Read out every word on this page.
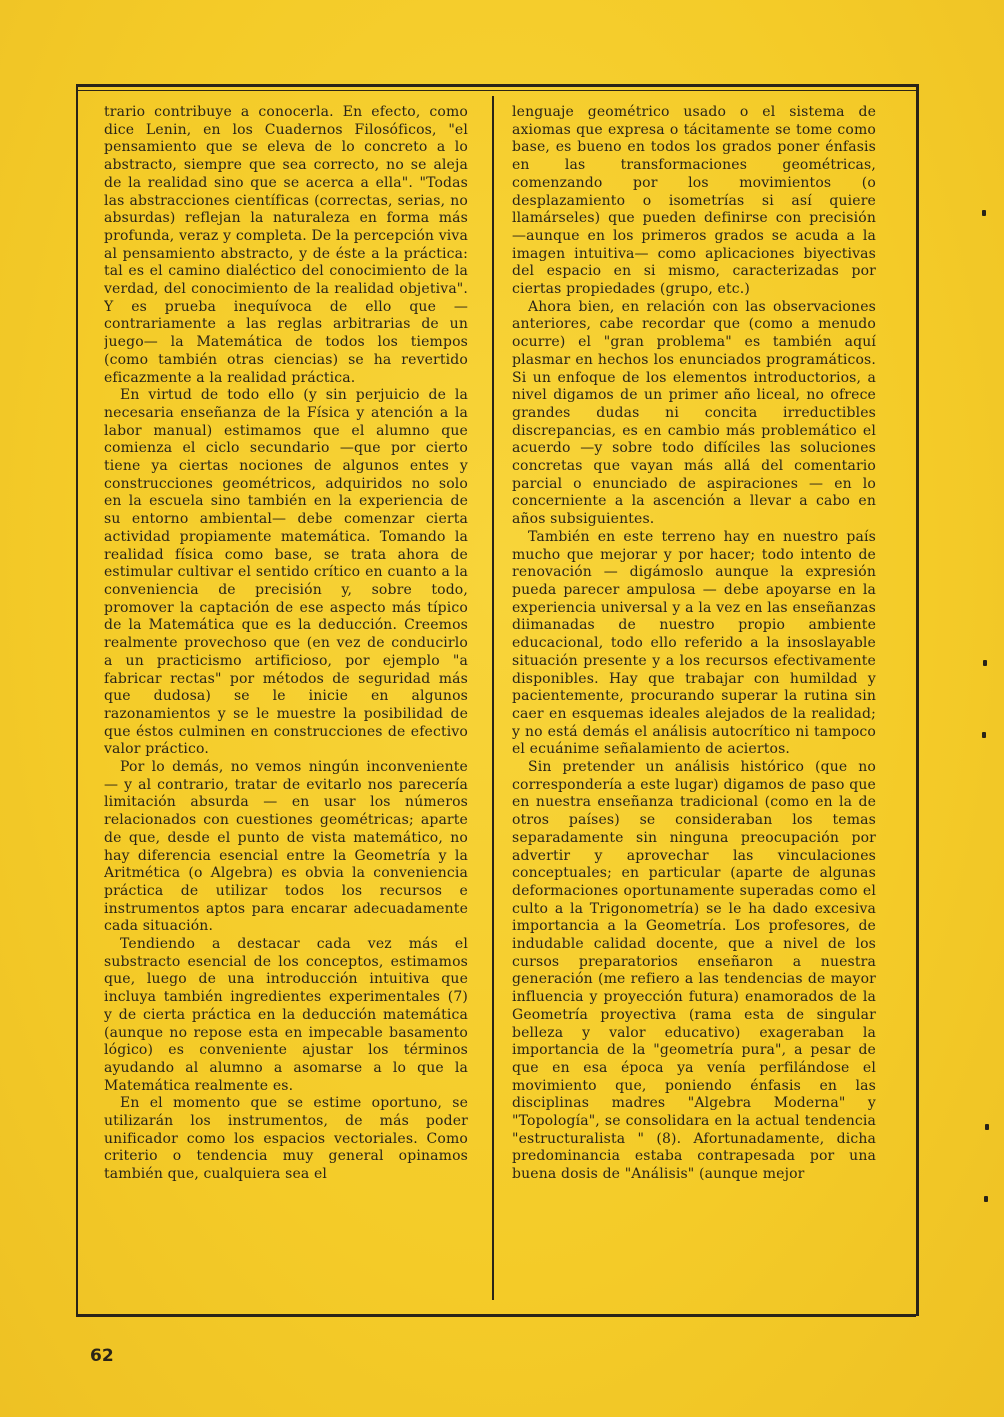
trario contribuye a conocerla. En efecto, como dice Lenin, en los Cuadernos Filosóficos, "el pensamiento que se eleva de lo concreto a lo abstracto, siempre que sea correcto, no se aleja de la realidad sino que se acerca a ella". "Todas las abstracciones científicas (correctas, serias, no absurdas) reflejan la naturaleza en forma más profunda, veraz y completa. De la percepción viva al pensamiento abstracto, y de éste a la práctica: tal es el camino dialéctico del conocimiento de la verdad, del conocimiento de la realidad objetiva". Y es prueba inequívoca de ello que —contrariamente a las reglas arbitrarias de un juego— la Matemática de todos los tiempos (como también otras ciencias) se ha revertido eficazmente a la realidad práctica.

En virtud de todo ello (y sin perjuicio de la necesaria enseñanza de la Física y atención a la labor manual) estimamos que el alumno que comienza el ciclo secundario —que por cierto tiene ya ciertas nociones de algunos entes y construcciones geométricos, adquiridos no solo en la escuela sino también en la experiencia de su entorno ambiental— debe comenzar cierta actividad propiamente matemática. Tomando la realidad física como base, se trata ahora de estimular cultivar el sentido crítico en cuanto a la conveniencia de precisión y, sobre todo, promover la captación de ese aspecto más típico de la Matemática que es la deducción. Creemos realmente provechoso que (en vez de conducirlo a un practicismo artificioso, por ejemplo "a fabricar rectas" por métodos de seguridad más que dudosa) se le inicie en algunos razonamientos y se le muestre la posibilidad de que éstos culminen en construcciones de efectivo valor práctico.

Por lo demás, no vemos ningún inconveniente — y al contrario, tratar de evitarlo nos parecería limitación absurda — en usar los números relacionados con cuestiones geométricas; aparte de que, desde el punto de vista matemático, no hay diferencia esencial entre la Geometría y la Aritmética (o Algebra) es obvia la conveniencia práctica de utilizar todos los recursos e instrumentos aptos para encarar adecuadamente cada situación.

Tendiendo a destacar cada vez más el substracto esencial de los conceptos, estimamos que, luego de una introducción intuitiva que incluya también ingredientes experimentales (7) y de cierta práctica en la deducción matemática (aunque no repose esta en impecable basamento lógico) es conveniente ajustar los términos ayudando al alumno a asomarse a lo que la Matemática realmente es.

En el momento que se estime oportuno, se utilizarán los instrumentos, de más poder unificador como los espacios vectoriales. Como criterio o tendencia muy general opinamos también que, cualquiera sea el

lenguaje geométrico usado o el sistema de axiomas que expresa o tácitamente se tome como base, es bueno en todos los grados poner énfasis en las transformaciones geométricas, comenzando por los movimientos (o desplazamiento o isometrías si así quiere llamárseles) que pueden definirse con precisión —aunque en los primeros grados se acuda a la imagen intuitiva— como aplicaciones biyectivas del espacio en si mismo, caracterizadas por ciertas propiedades (grupo, etc.)

Ahora bien, en relación con las observaciones anteriores, cabe recordar que (como a menudo ocurre) el "gran problema" es también aquí plasmar en hechos los enunciados programáticos. Si un enfoque de los elementos introductorios, a nivel digamos de un primer año liceal, no ofrece grandes dudas ni concita irreductibles discrepancias, es en cambio más problemático el acuerdo —y sobre todo difíciles las soluciones concretas que vayan más allá del comentario parcial o enunciado de aspiraciones — en lo concerniente a la ascención a llevar a cabo en años subsiguientes.

También en este terreno hay en nuestro país mucho que mejorar y por hacer; todo intento de renovación — digámoslo aunque la expresión pueda parecer ampulosa — debe apoyarse en la experiencia universal y a la vez en las enseñanzas diimanadas de nuestro propio ambiente educacional, todo ello referido a la insoslayable situación presente y a los recursos efectivamente disponibles. Hay que trabajar con humildad y pacientemente, procurando superar la rutina sin caer en esquemas ideales alejados de la realidad; y no está demás el análisis autocrítico ni tampoco el ecuánime señalamiento de aciertos.

Sin pretender un análisis histórico (que no correspondería a este lugar) digamos de paso que en nuestra enseñanza tradicional (como en la de otros países) se consideraban los temas separadamente sin ninguna preocupación por advertir y aprovechar las vinculaciones conceptuales; en particular (aparte de algunas deformaciones oportunamente superadas como el culto a la Trigonometría) se le ha dado excesiva importancia a la Geometría. Los profesores, de indudable calidad docente, que a nivel de los cursos preparatorios enseñaron a nuestra generación (me refiero a las tendencias de mayor influencia y proyección futura) enamorados de la Geometría proyectiva (rama esta de singular belleza y valor educativo) exageraban la importancia de la "geometría pura", a pesar de que en esa época ya venía perfilándose el movimiento que, poniendo énfasis en las disciplinas madres "Algebra Moderna" y "Topología", se consolidara en la actual tendencia "estructuralista " (8). Afortunadamente, dicha predominancia estaba contrapesada por una buena dosis de "Análisis" (aunque mejor

62
